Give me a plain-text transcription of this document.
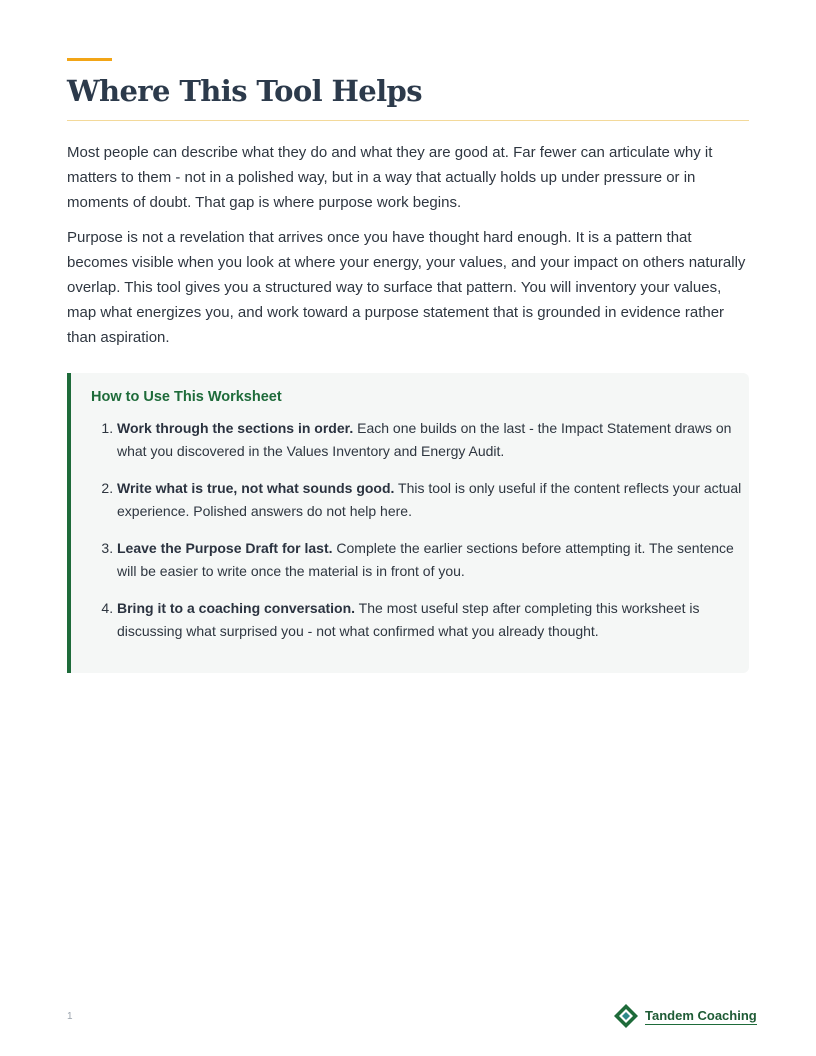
Where This Tool Helps

Most people can describe what they do and what they are good at. Far fewer can articulate why it matters to them - not in a polished way, but in a way that actually holds up under pressure or in moments of doubt. That gap is where purpose work begins.

Purpose is not a revelation that arrives once you have thought hard enough. It is a pattern that becomes visible when you look at where your energy, your values, and your impact on others naturally overlap. This tool gives you a structured way to surface that pattern. You will inventory your values, map what energizes you, and work toward a purpose statement that is grounded in evidence rather than aspiration.

How to Use This Worksheet
1. Work through the sections in order. Each one builds on the last - the Impact Statement draws on what you discovered in the Values Inventory and Energy Audit.
2. Write what is true, not what sounds good. This tool is only useful if the content reflects your actual experience. Polished answers do not help here.
3. Leave the Purpose Draft for last. Complete the earlier sections before attempting it. The sentence will be easier to write once the material is in front of you.
4. Bring it to a coaching conversation. The most useful step after completing this worksheet is discussing what surprised you - not what confirmed what you already thought.
1	Tandem Coaching
